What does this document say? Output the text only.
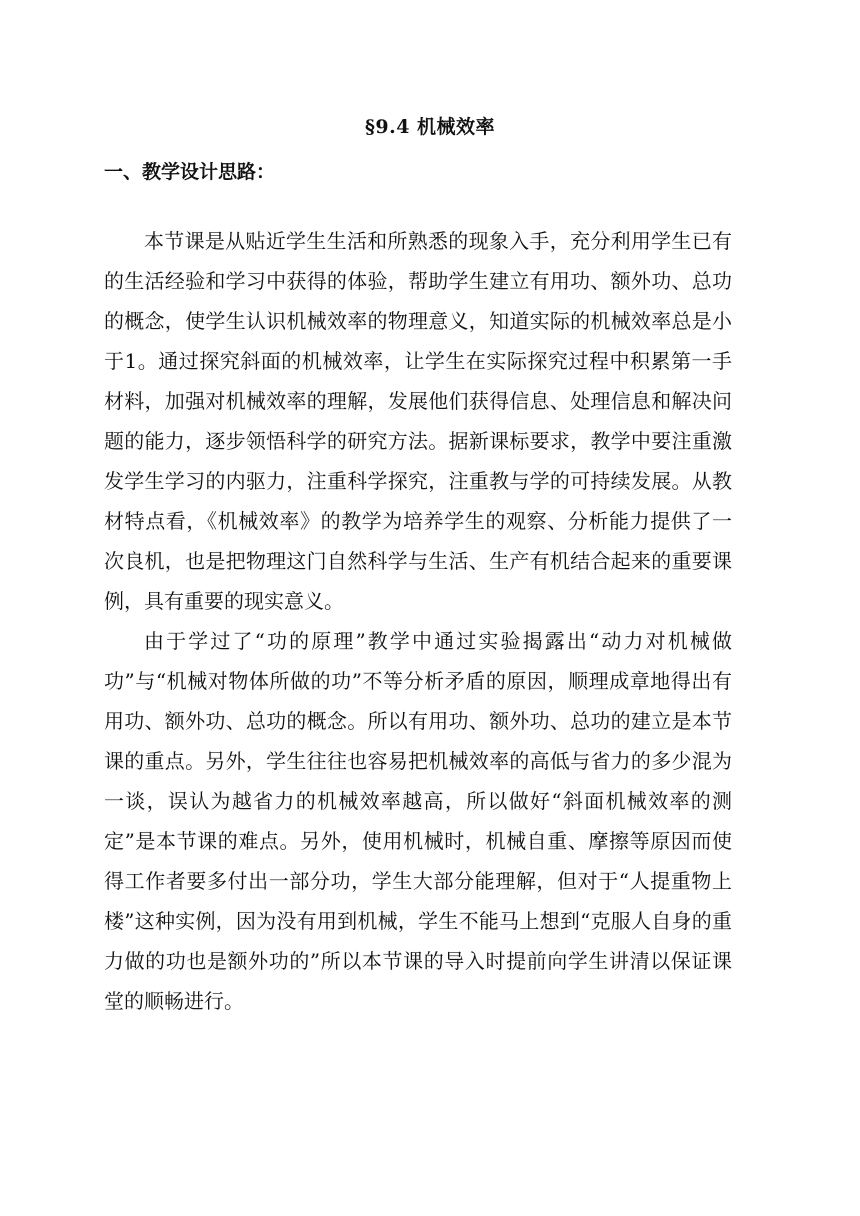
§9.4 机械效率
一、教学设计思路：

本节课是从贴近学生生活和所熟悉的现象入手，充分利用学生已有的生活经验和学习中获得的体验，帮助学生建立有用功、额外功、总功的概念，使学生认识机械效率的物理意义，知道实际的机械效率总是小于1。通过探究斜面的机械效率，让学生在实际探究过程中积累第一手材料，加强对机械效率的理解，发展他们获得信息、处理信息和解决问题的能力，逐步领悟科学的研究方法。据新课标要求，教学中要注重激发学生学习的内驱力，注重科学探究，注重教与学的可持续发展。从教材特点看，《机械效率》的教学为培养学生的观察、分析能力提供了一次良机，也是把物理这门自然科学与生活、生产有机结合起来的重要课例，具有重要的现实意义。

由于学过了“功的原理”教学中通过实验揭露出“动力对机械做功”与“机械对物体所做的功”不等分析矛盾的原因，顺理成章地得出有用功、额外功、总功的概念。所以有用功、额外功、总功的建立是本节课的重点。另外，学生往往也容易把机械效率的高低与省力的多少混为一谈，误认为越省力的机械效率越高，所以做好“斜面机械效率的测定”是本节课的难点。另外，使用机械时，机械自重、摩擦等原因而使得工作者要多付出一部分功，学生大部分能理解，但对于“人提重物上楼”这种实例，因为没有用到机械，学生不能马上想到“克服人自身的重力做的功也是额外功的”所以本节课的导入时提前向学生讲清以保证课堂的顺畅进行。
